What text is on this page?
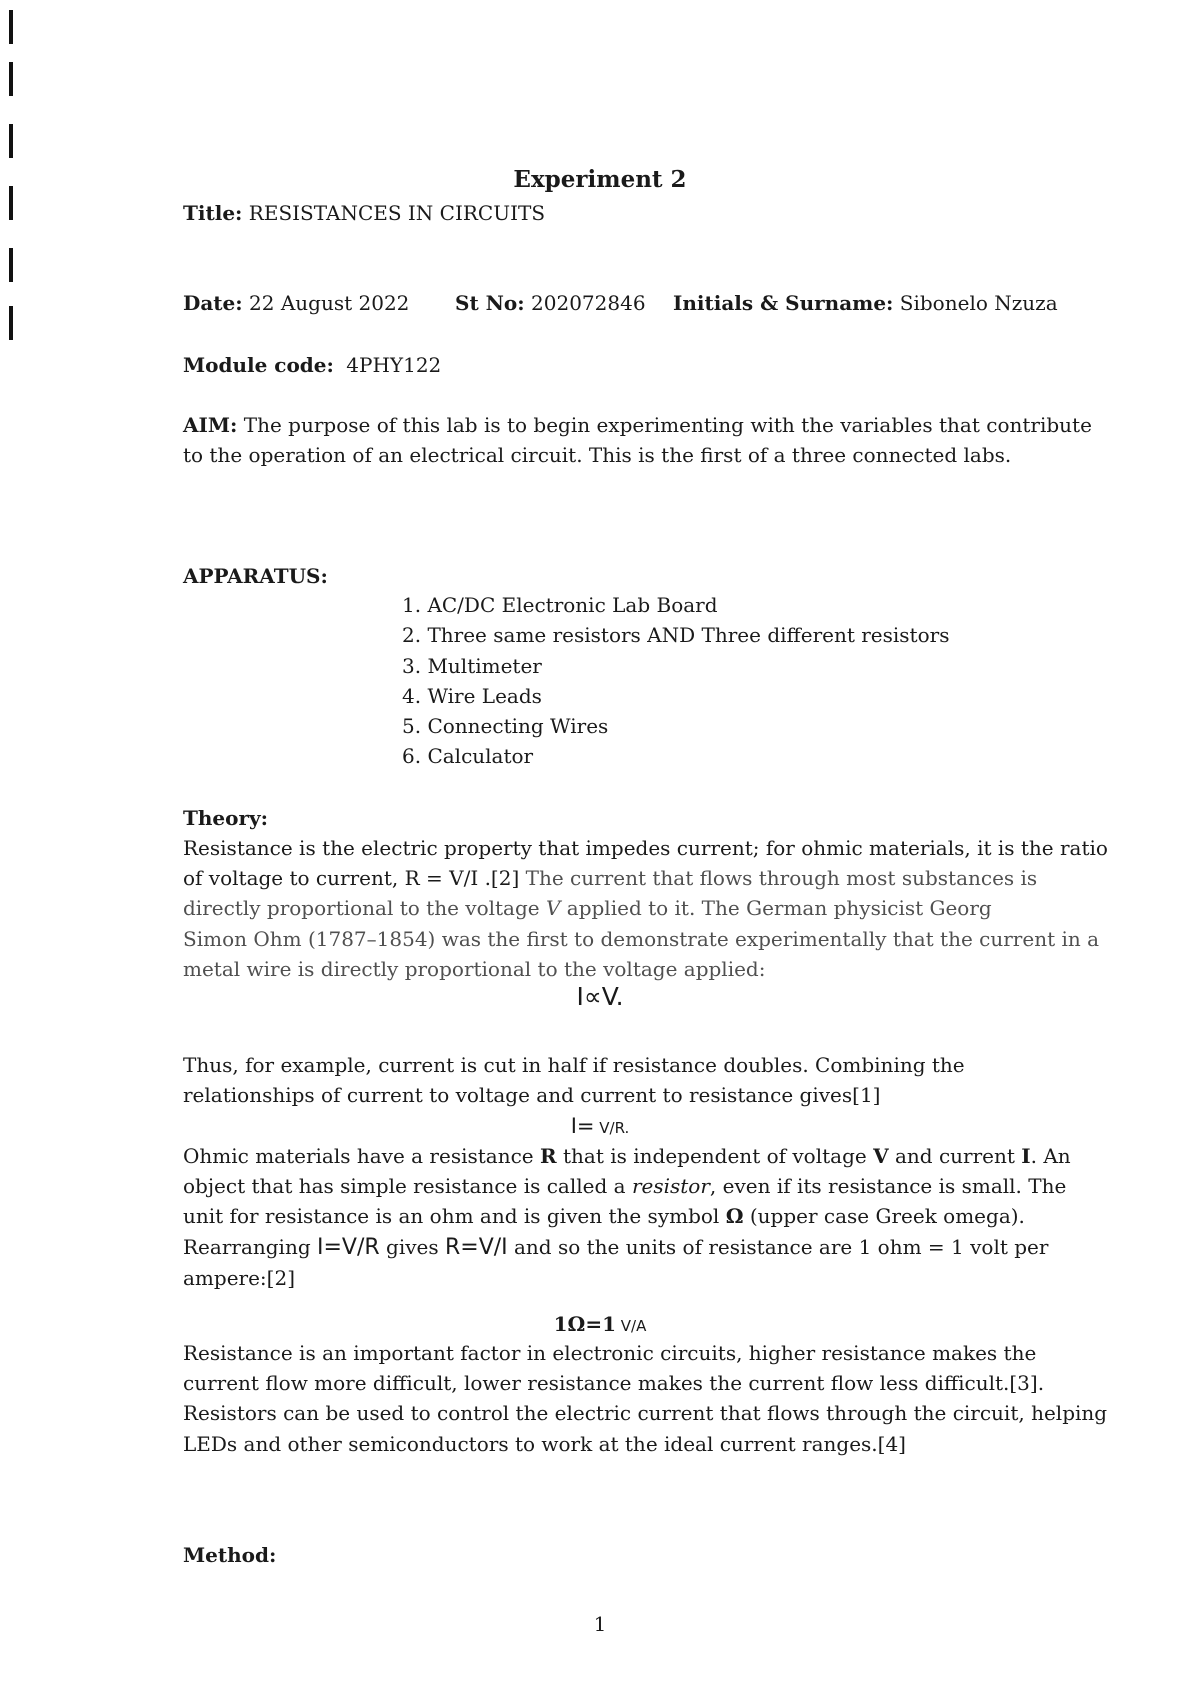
Experiment 2
Title: RESISTANCES IN CIRCUITS
Date: 22 August 2022 St No: 202072846 Initials & Surname: Sibonelo Nzuza
Module code: 4PHY122
AIM: The purpose of this lab is to begin experimenting with the variables that contribute
to the operation of an electrical circuit. This is the first of a three connected labs.
APPARATUS:
1. AC/DC Electronic Lab Board
2. Three same resistors AND Three different resistors
3. Multimeter
4. Wire Leads
5. Connecting Wires
6. Calculator
Theory:
Resistance is the electric property that impedes current; for ohmic materials, it is the ratio
of voltage to current, R = V/I .[2] The current that flows through most substances is
directly proportional to the voltage V applied to it. The German physicist Georg
Simon Ohm (1787–1854) was the first to demonstrate experimentally that the current in a
metal wire is directly proportional to the voltage applied:
I∝V.
Thus, for example, current is cut in half if resistance doubles. Combining the
relationships of current to voltage and current to resistance gives[1]
I= V/R.
Ohmic materials have a resistance R that is independent of voltage V and current I. An
object that has simple resistance is called a resistor, even if its resistance is small. The
unit for resistance is an ohm and is given the symbol Ω (upper case Greek omega).
Rearranging I=V/R gives R=V/I and so the units of resistance are 1 ohm = 1 volt per
ampere:[2]
1Ω=1 V/A
Resistance is an important factor in electronic circuits, higher resistance makes the
current flow more difficult, lower resistance makes the current flow less difficult.[3].
Resistors can be used to control the electric current that flows through the circuit, helping
LEDs and other semiconductors to work at the ideal current ranges.[4]
Method:
1
